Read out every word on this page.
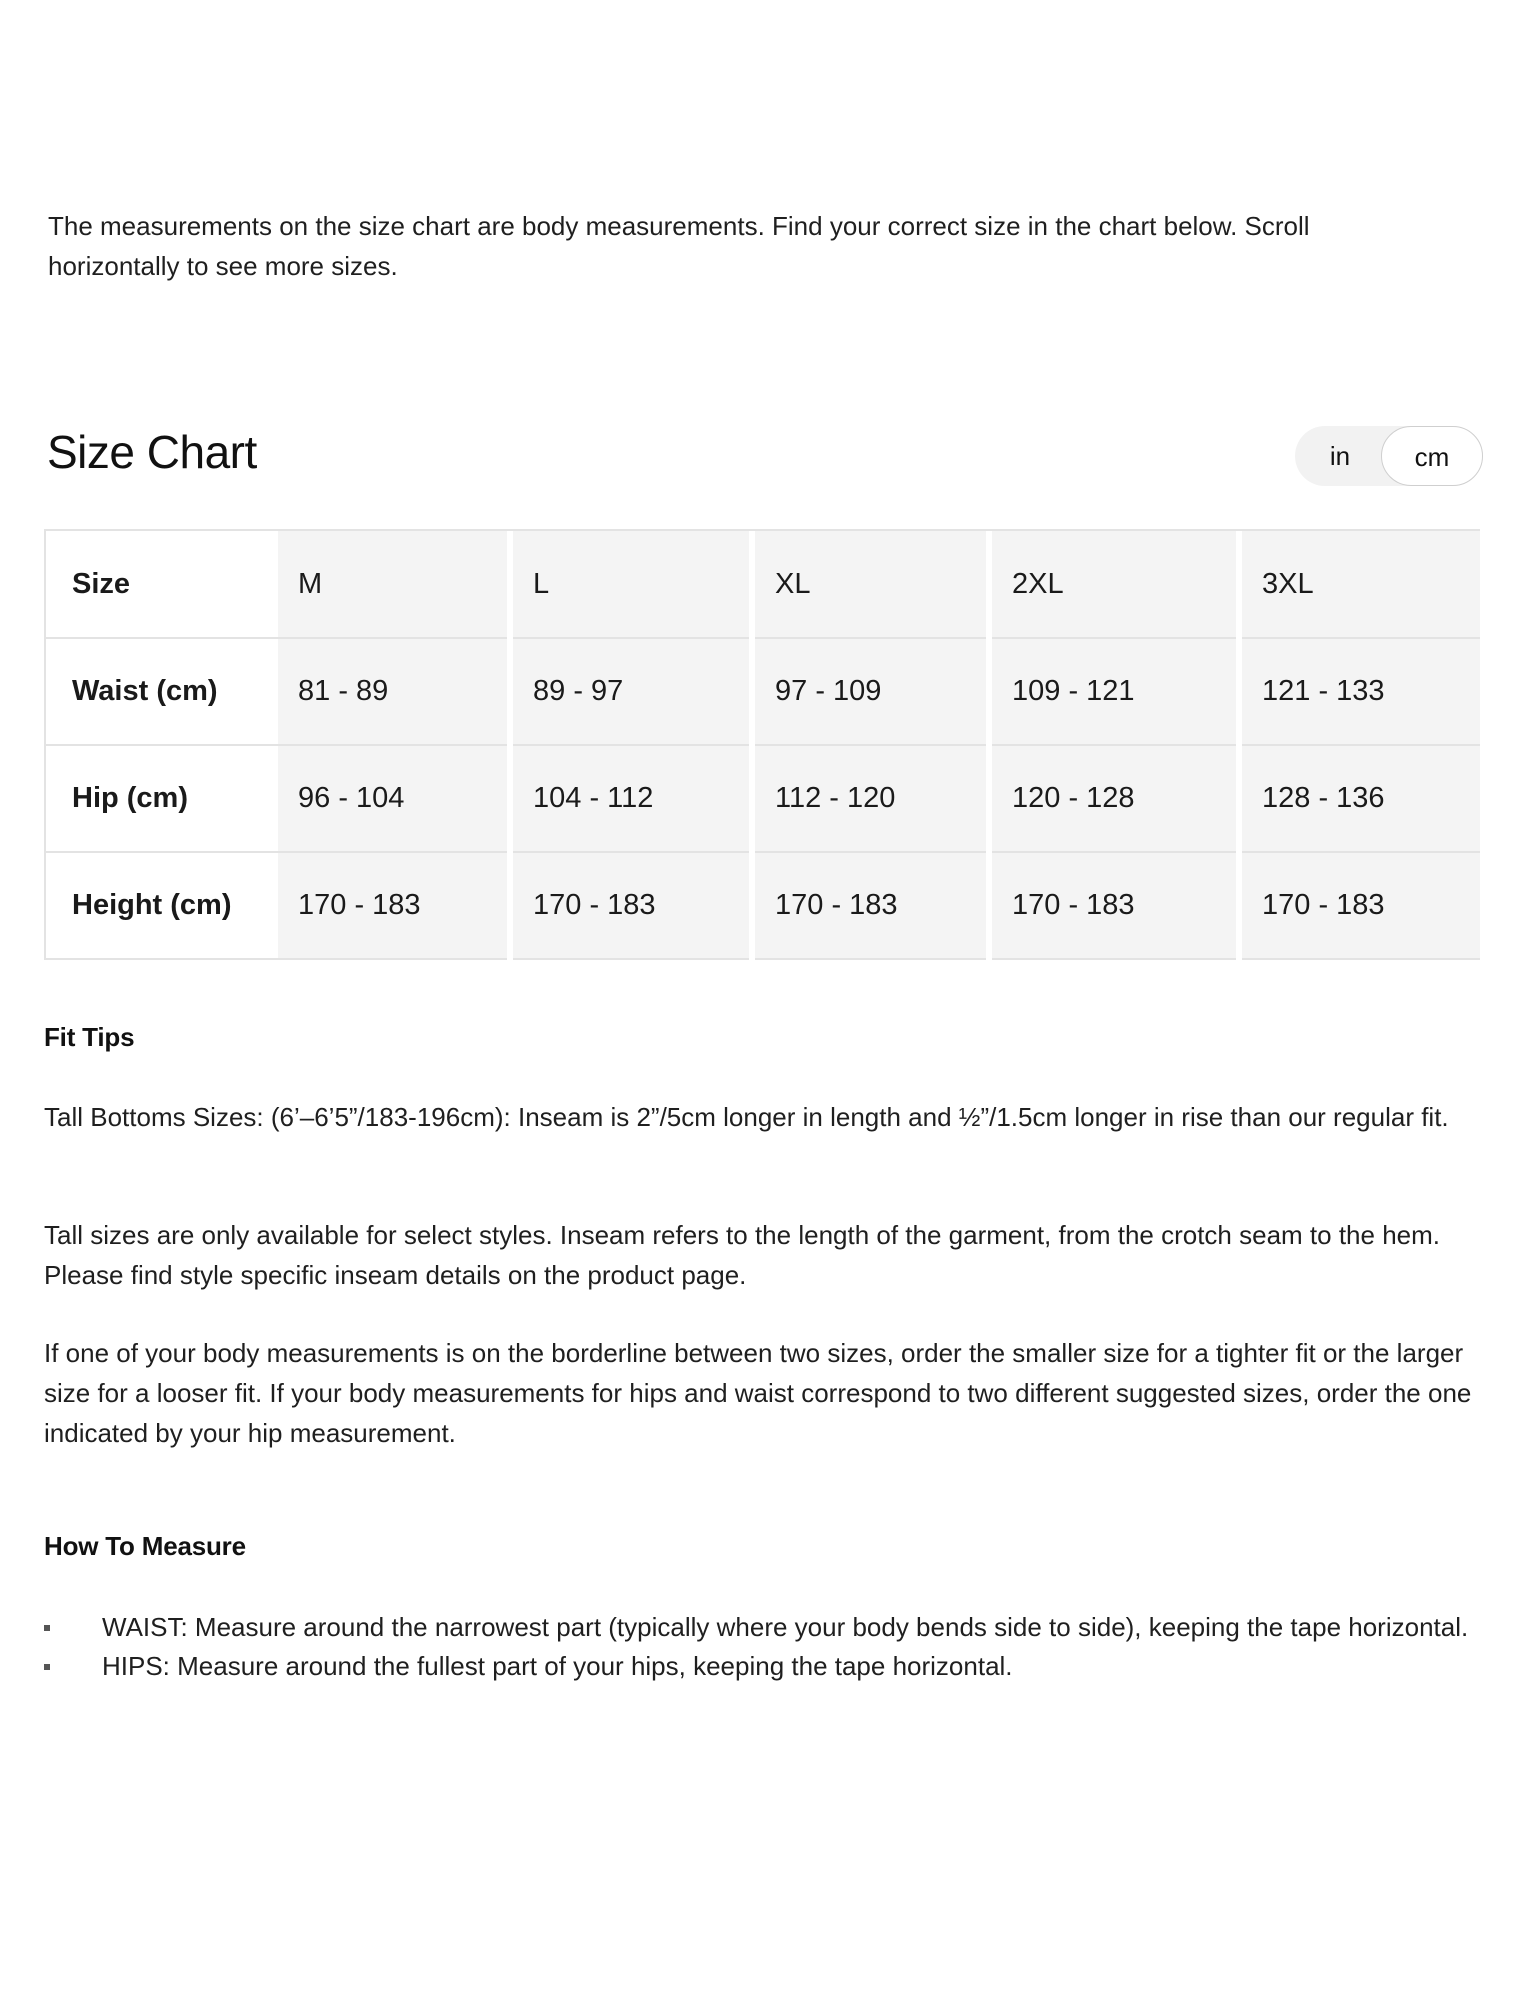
The measurements on the size chart are body measurements. Find your correct size in the chart below. Scroll horizontally to see more sizes.

Size Chart	in	cm
Size	M	L	XL	2XL	3XL
Waist (cm)	81 - 89	89 - 97	97 - 109	109 - 121	121 - 133
Hip (cm)	96 - 104	104 - 112	112 - 120	120 - 128	128 - 136
Height (cm)	170 - 183	170 - 183	170 - 183	170 - 183	170 - 183
Fit Tips

Tall Bottoms Sizes: (6’–6’5”/183-196cm): Inseam is 2”/5cm longer in length and ½”/1.5cm longer in rise than our regular fit.

Tall sizes are only available for select styles. Inseam refers to the length of the garment, from the crotch seam to the hem. Please find style specific inseam details on the product page.

If one of your body measurements is on the borderline between two sizes, order the smaller size for a tighter fit or the larger size for a looser fit. If your body measurements for hips and waist correspond to two different suggested sizes, order the one indicated by your hip measurement.

How To Measure
WAIST: Measure around the narrowest part (typically where your body bends side to side), keeping the tape horizontal.
HIPS: Measure around the fullest part of your hips, keeping the tape horizontal.
